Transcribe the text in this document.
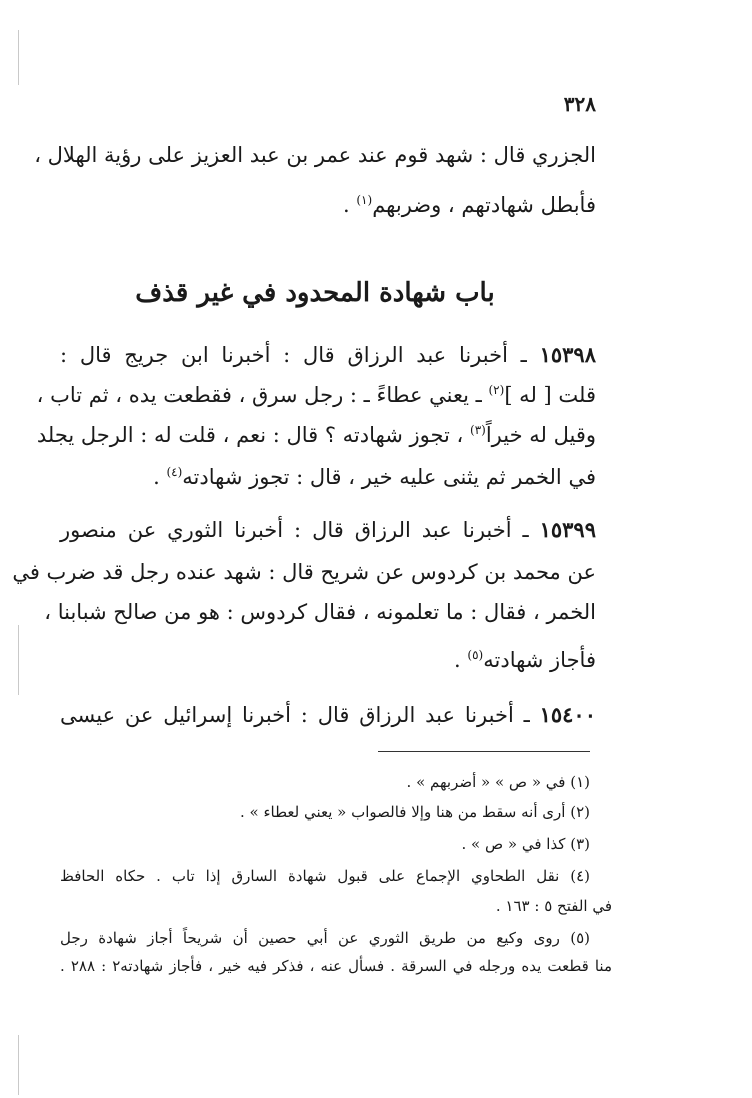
٣٢٨
الجزري قال : شهد قوم عند عمر بن عبد العزيز على رؤية الهلال ،
فأبطل شهادتهم ، وضربهم$^{(١)}$ .
باب شهادة المحدود في غير قذف
١٥٣٩٨ ـ أخبرنا عبد الرزاق قال : أخبرنا ابن جريج قال :
قلت [ له ]$^{(٢)}$ ـ يعني عطاءً ـ : رجل سرق ، فقطعت يده ، ثم تاب ،
وقيل له خيراً$^{(٣)}$ ، تجوز شهادته ؟ قال : نعم ، قلت له : الرجل يجلد
في الخمر ثم يثنى عليه خير ، قال : تجوز شهادته$^{(٤)}$ .
١٥٣٩٩ ـ أخبرنا عبد الرزاق قال : أخبرنا الثوري عن منصور
عن محمد بن كردوس عن شريح قال : شهد عنده رجل قد ضرب في
الخمر ، فقال : ما تعلمونه ، فقال كردوس : هو من صالح شبابنا ،
فأجاز شهادته$^{(٥)}$ .
١٥٤٠٠ ـ أخبرنا عبد الرزاق قال : أخبرنا إسرائيل عن عيسى
(١) في « ص » « أضربهم » .
(٢) أرى أنه سقط من هنا وإلا فالصواب « يعني لعطاء » .
(٣) كذا في « ص » .
(٤) نقل الطحاوي الإجماع على قبول شهادة السارق إذا تاب . حكاه الحافظ
في الفتح ٥ : ١٦٣ .
(٥) روى وكيع من طريق الثوري عن أبي حصين أن شريحاً أجاز شهادة رجل
منا قطعت يده ورجله في السرقة . فسأل عنه ، فذكر فيه خير ، فأجاز شهادته٢ : ٢٨٨ .
